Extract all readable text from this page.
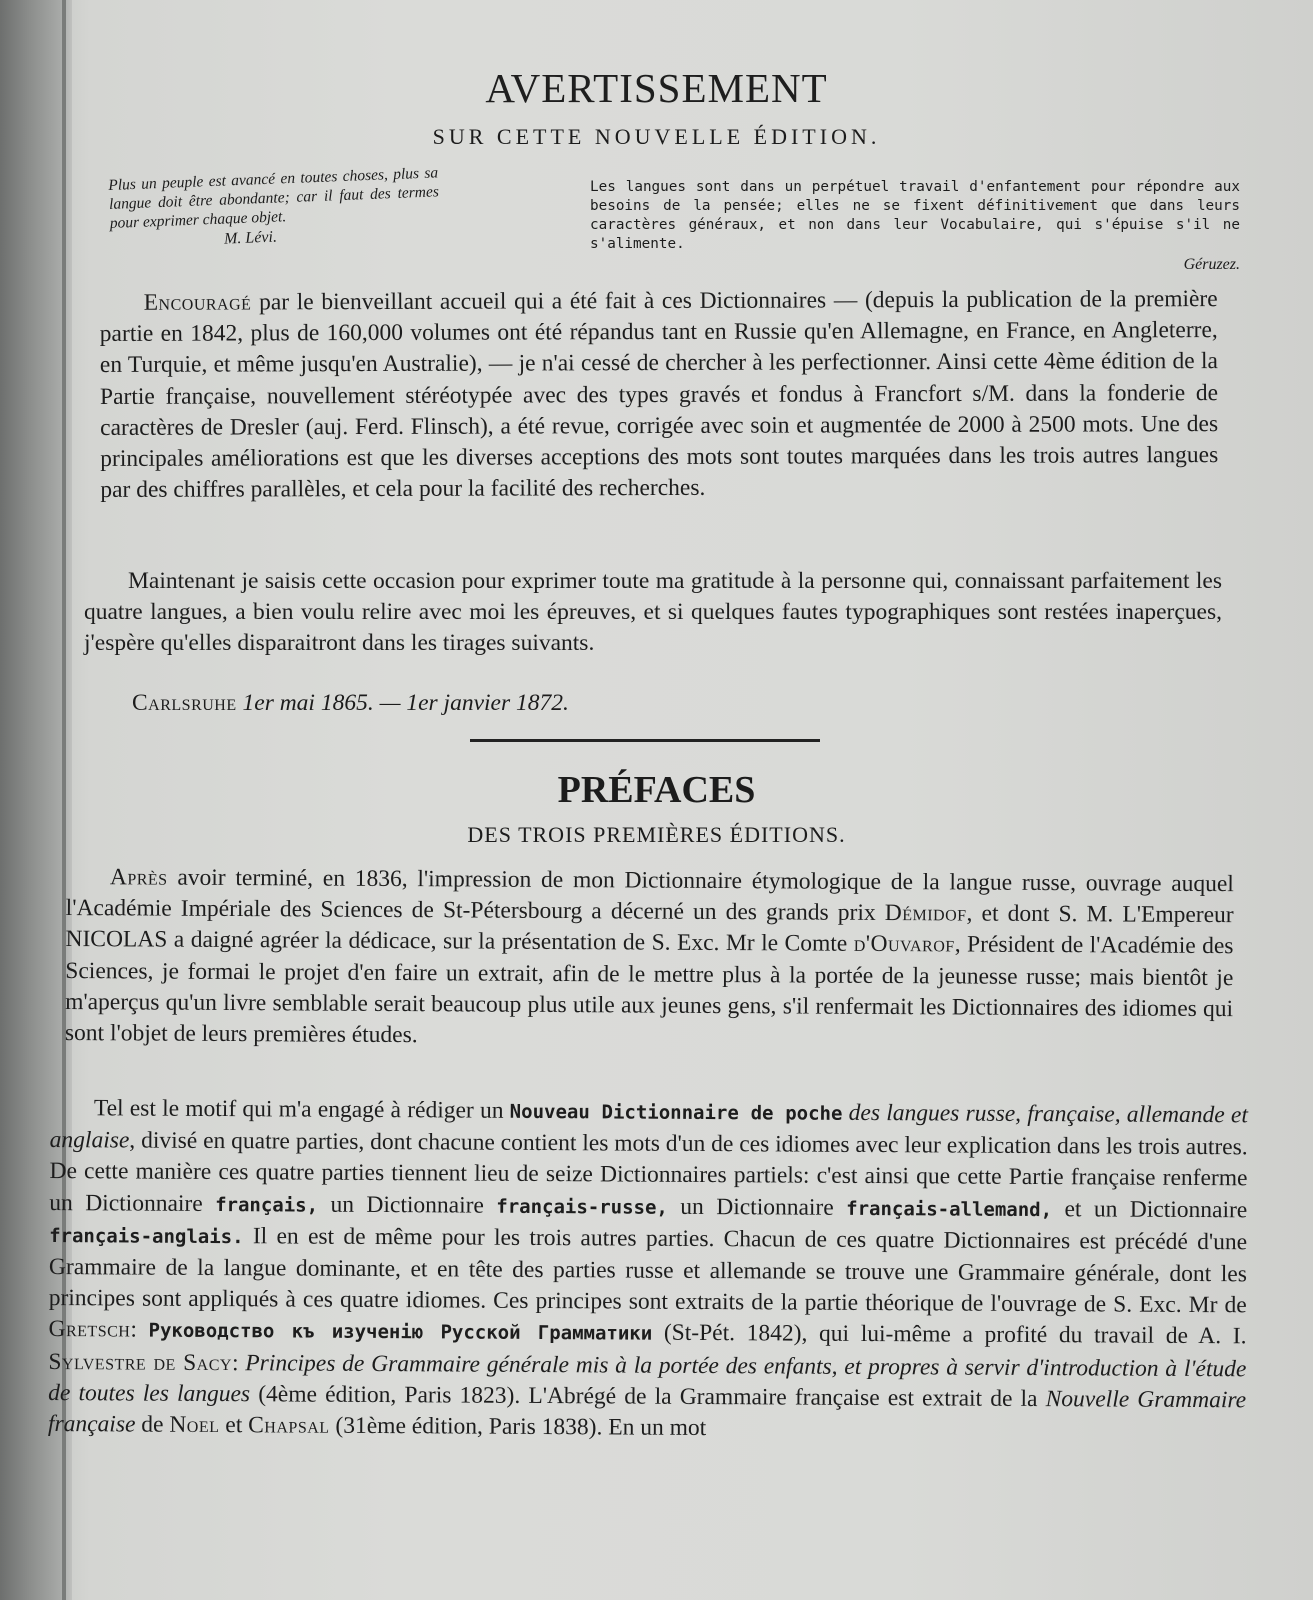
AVERTISSEMENT
SUR CETTE NOUVELLE ÉDITION.
Plus un peuple est avancé en toutes choses, plus sa langue doit être abondante; car il faut des termes pour exprimer chaque objet.
M. Lévi.
Les langues sont dans un perpétuel travail d'enfantement pour répondre aux besoins de la pensée; elles ne se fixent définitivement que dans leurs caractères généraux, et non dans leur Vocabulaire, qui s'épuise s'il ne s'alimente.
Géruzez.
Encouragé par le bienveillant accueil qui a été fait à ces Dictionnaires — (depuis la publication de la première partie en 1842, plus de 160,000 volumes ont été répandus tant en Russie qu'en Allemagne, en France, en Angleterre, en Turquie, et même jusqu'en Australie), — je n'ai cessé de chercher à les perfectionner. Ainsi cette 4ème édition de la Partie française, nouvellement stéréotypée avec des types gravés et fondus à Francfort s/M. dans la fonderie de caractères de Dresler (auj. Ferd. Flinsch), a été revue, corrigée avec soin et augmentée de 2000 à 2500 mots. Une des principales améliorations est que les diverses acceptions des mots sont toutes marquées dans les trois autres langues par des chiffres parallèles, et cela pour la facilité des recherches.
Maintenant je saisis cette occasion pour exprimer toute ma gratitude à la personne qui, connaissant parfaitement les quatre langues, a bien voulu relire avec moi les épreuves, et si quelques fautes typographiques sont restées inaperçues, j'espère qu'elles disparaitront dans les tirages suivants.
Carlsruhe 1er mai 1865. — 1er janvier 1872.
PRÉFACES
DES TROIS PREMIÈRES ÉDITIONS.
Après avoir terminé, en 1836, l'impression de mon Dictionnaire étymologique de la langue russe, ouvrage auquel l'Académie Impériale des Sciences de St-Pétersbourg a décerné un des grands prix Démidof, et dont S. M. L'Empereur NICOLAS a daigné agréer la dédicace, sur la présentation de S. Exc. Mr le Comte d'Ouvarof, Président de l'Académie des Sciences, je formai le projet d'en faire un extrait, afin de le mettre plus à la portée de la jeunesse russe; mais bientôt je m'aperçus qu'un livre semblable serait beaucoup plus utile aux jeunes gens, s'il renfermait les Dictionnaires des idiomes qui sont l'objet de leurs premières études.
Tel est le motif qui m'a engagé à rédiger un Nouveau Dictionnaire de poche des langues russe, française, allemande et anglaise, divisé en quatre parties, dont chacune contient les mots d'un de ces idiomes avec leur explication dans les trois autres. De cette manière ces quatre parties tiennent lieu de seize Dictionnaires partiels: c'est ainsi que cette Partie française renferme un Dictionnaire français, un Dictionnaire français-russe, un Dictionnaire français-allemand, et un Dictionnaire français-anglais. Il en est de même pour les trois autres parties. Chacun de ces quatre Dictionnaires est précédé d'une Grammaire de la langue dominante, et en tête des parties russe et allemande se trouve une Grammaire générale, dont les principes sont appliqués à ces quatre idiomes. Ces principes sont extraits de la partie théorique de l'ouvrage de S. Exc. Mr de Gretsch: Руководство къ изученію Русской Грамматики (St-Pét. 1842), qui lui-même a profité du travail de A. I. Sylvestre de Sacy: Principes de Grammaire générale mis à la portée des enfants, et propres à servir d'introduction à l'étude de toutes les langues (4ème édition, Paris 1823). L'Abrégé de la Grammaire française est extrait de la Nouvelle Grammaire française de Noel et Chapsal (31ème édition, Paris 1838). En un mot
